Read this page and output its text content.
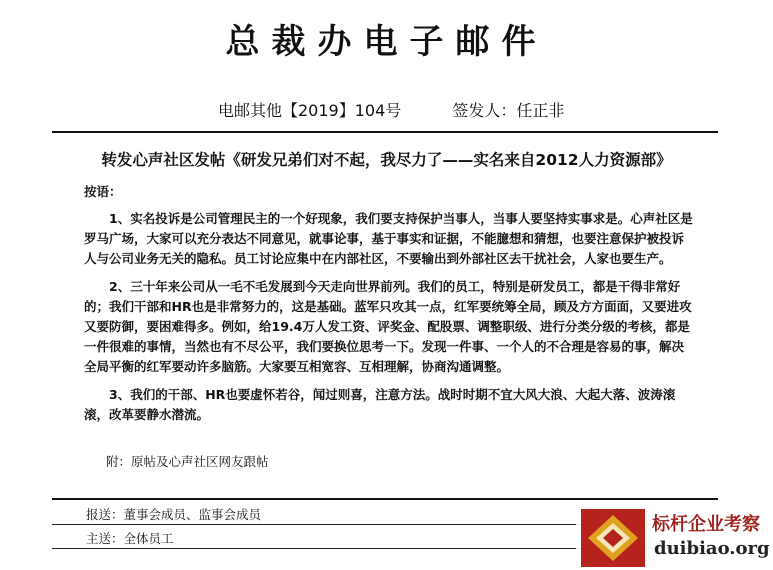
总裁办电子邮件
电邮其他【2019】104号	签发人：任正非
转发心声社区发帖《研发兄弟们对不起，我尽力了——实名来自2012人力资源部》

按语：

1、实名投诉是公司管理民主的一个好现象，我们要支持保护当事人，当事人要坚持实事求是。心声社区是罗马广场，大家可以充分表达不同意见，就事论事，基于事实和证据，不能臆想和猜想，也要注意保护被投诉人与公司业务无关的隐私。员工讨论应集中在内部社区，不要输出到外部社区去干扰社会，人家也要生产。

2、三十年来公司从一毛不毛发展到今天走向世界前列。我们的员工，特别是研发员工，都是干得非常好的；我们干部和HR也是非常努力的，这是基础。蓝军只攻其一点，红军要统筹全局，顾及方方面面，又要进攻又要防御，要困难得多。例如，给19.4万人发工资、评奖金、配股票、调整职级、进行分类分级的考核，都是一件很难的事情，当然也有不尽公平，我们要换位思考一下。发现一件事、一个人的不合理是容易的事，解决全局平衡的红军要动许多脑筋。大家要互相宽容、互相理解，协商沟通调整。

3、我们的干部、HR也要虚怀若谷，闻过则喜，注意方法。战时时期不宜大风大浪、大起大落、波涛滚滚，改革要静水潜流。

附：原帖及心声社区网友跟帖
报送：董事会成员、监事会成员
主送：全体员工
标杆企业考察
duibiao.org
